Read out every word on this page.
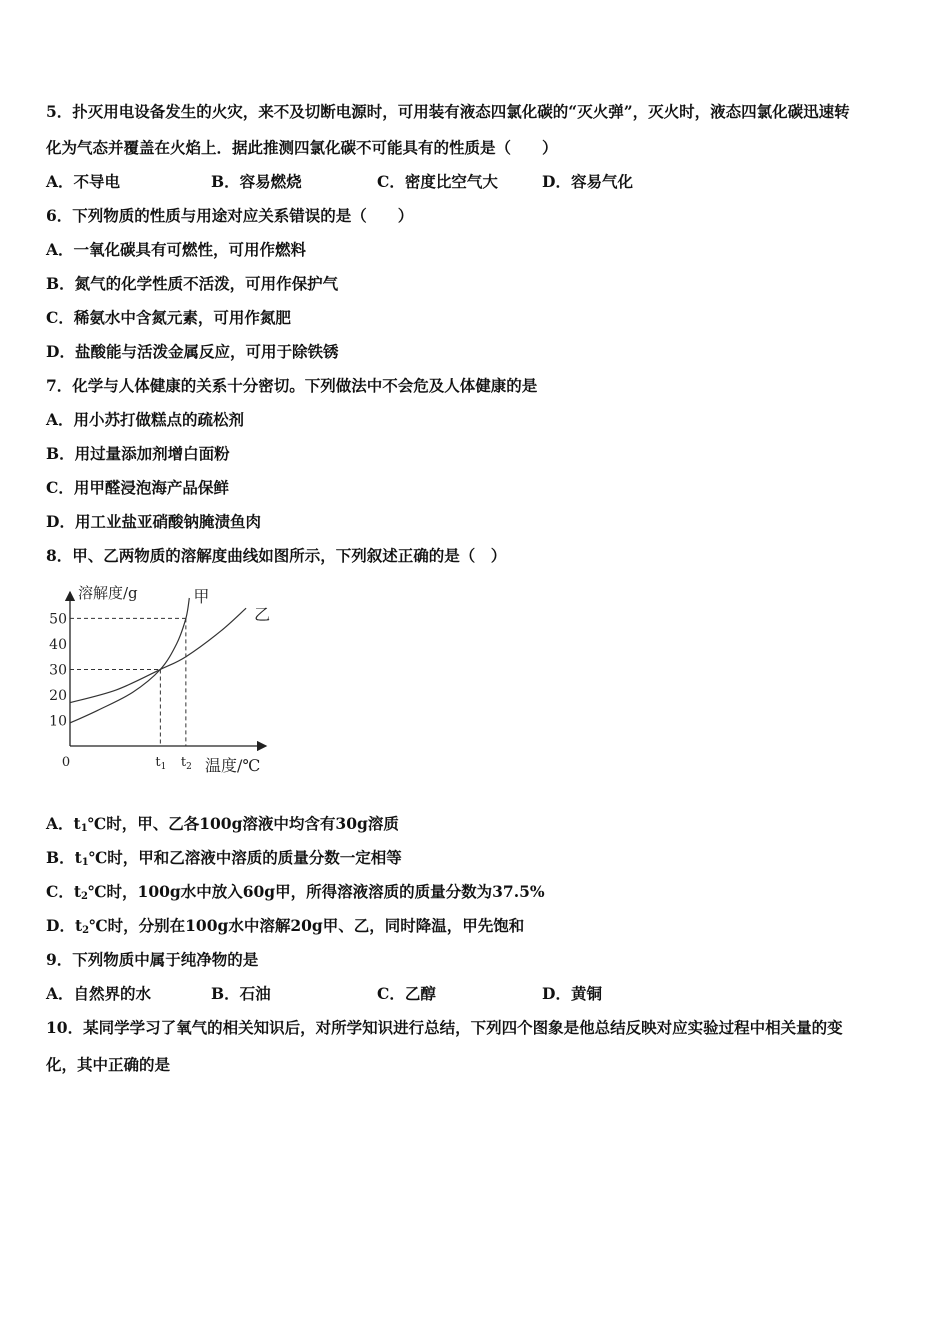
5．扑灭用电设备发生的火灾，来不及切断电源时，可用装有液态四氯化碳的“灭火弹”，灭火时，液态四氯化碳迅速转
化为气态并覆盖在火焰上．据此推测四氯化碳不可能具有的性质是（　　）
A．不导电	B．容易燃烧	C．密度比空气大	D．容易气化
6．下列物质的性质与用途对应关系错误的是（　　）
A．一氧化碳具有可燃性，可用作燃料
B．氮气的化学性质不活泼，可用作保护气
C．稀氨水中含氮元素，可用作氮肥
D．盐酸能与活泼金属反应，可用于除铁锈
7．化学与人体健康的关系十分密切。下列做法中不会危及人体健康的是
A．用小苏打做糕点的疏松剂
B．用过量添加剂增白面粉
C．用甲醛浸泡海产品保鲜
D．用工业盐亚硝酸钠腌渍鱼肉
8．甲、乙两物质的溶解度曲线如图所示，下列叙述正确的是（　）
甲
乙
溶解度/g
温度/℃
0
10
20
30
40
50
$t_1$ $t_2$
A．$t_1℃$时，甲、乙各100g溶液中均含有30g溶质
B．$t_1℃$时，甲和乙溶液中溶质的质量分数一定相等
C．$t_2℃$时，100g水中放入60g甲，所得溶液溶质的质量分数为37.5%
D．$t_2℃$时，分别在100g水中溶解20g甲、乙，同时降温，甲先饱和
9．下列物质中属于纯净物的是
A．自然界的水	B．石油	C．乙醇	D．黄铜
10．某同学学习了氧气的相关知识后，对所学知识进行总结，下列四个图象是他总结反映对应实验过程中相关量的变
化，其中正确的是
